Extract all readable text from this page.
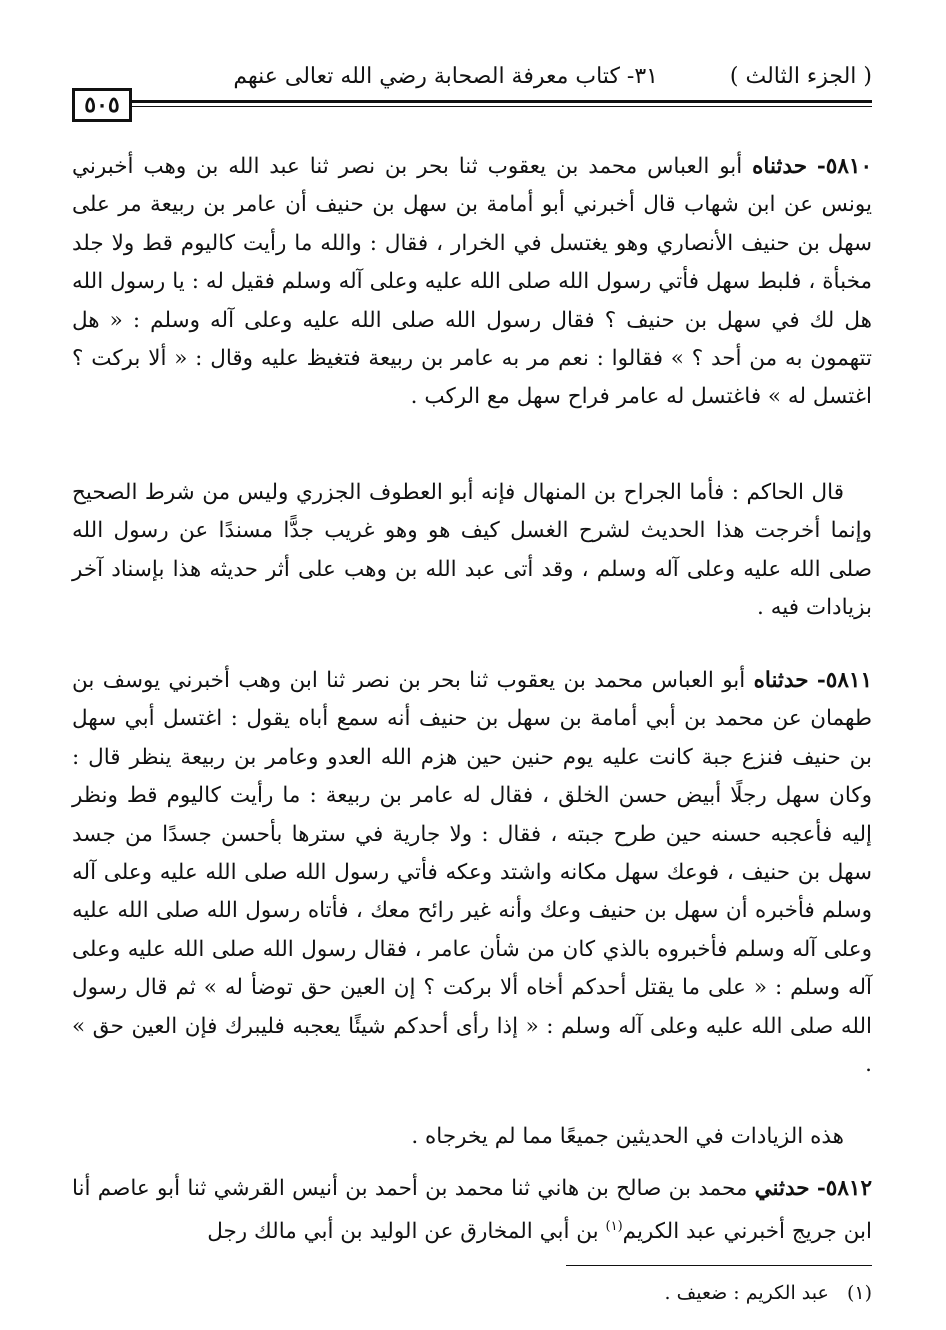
( الجزء الثالث )
٣١- كتاب معرفة الصحابة رضي الله تعالى عنهم
٥٠٥

٥٨١٠- حدثناه أبو العباس محمد بن يعقوب ثنا بحر بن نصر ثنا عبد الله بن وهب أخبرني يونس عن ابن شهاب قال أخبرني أبو أمامة بن سهل بن حنيف أن عامر بن ربيعة مر على سهل بن حنيف الأنصاري وهو يغتسل في الخرار ، فقال : والله ما رأيت كاليوم قط ولا جلد مخبأة ، فلبط سهل فأتي رسول الله صلى الله عليه وعلى آله وسلم فقيل له : يا رسول الله هل لك في سهل بن حنيف ؟ فقال رسول الله صلى الله عليه وعلى آله وسلم : « هل تتهمون به من أحد ؟ » فقالوا : نعم مر به عامر بن ربيعة فتغيظ عليه وقال : « ألا بركت ؟ اغتسل له » فاغتسل له عامر فراح سهل مع الركب .

قال الحاكم : فأما الجراح بن المنهال فإنه أبو العطوف الجزري وليس من شرط الصحيح وإنما أخرجت هذا الحديث لشرح الغسل كيف هو وهو غريب جدًّا مسندًا عن رسول الله صلى الله عليه وعلى آله وسلم ، وقد أتى عبد الله بن وهب على أثر حديثه هذا بإسناد آخر بزيادات فيه .

٥٨١١- حدثناه أبو العباس محمد بن يعقوب ثنا بحر بن نصر ثنا ابن وهب أخبرني يوسف بن طهمان عن محمد بن أبي أمامة بن سهل بن حنيف أنه سمع أباه يقول : اغتسل أبي سهل بن حنيف فنزع جبة كانت عليه يوم حنين حين هزم الله العدو وعامر بن ربيعة ينظر قال : وكان سهل رجلًا أبيض حسن الخلق ، فقال له عامر بن ربيعة : ما رأيت كاليوم قط ونظر إليه فأعجبه حسنه حين طرح جبته ، فقال : ولا جارية في سترها بأحسن جسدًا من جسد سهل بن حنيف ، فوعك سهل مكانه واشتد وعكه فأتي رسول الله صلى الله عليه وعلى آله وسلم فأخبره أن سهل بن حنيف وعك وأنه غير رائح معك ، فأتاه رسول الله صلى الله عليه وعلى آله وسلم فأخبروه بالذي كان من شأن عامر ، فقال رسول الله صلى الله عليه وعلى آله وسلم : « على ما يقتل أحدكم أخاه ألا بركت ؟ إن العين حق توضأ له » ثم قال رسول الله صلى الله عليه وعلى آله وسلم : « إذا رأى أحدكم شيئًا يعجبه فليبرك فإن العين حق » .

هذه الزيادات في الحديثين جميعًا مما لم يخرجاه .

٥٨١٢- حدثني محمد بن صالح بن هاني ثنا محمد بن أحمد بن أنيس القرشي ثنا أبو عاصم أنا ابن جريج أخبرني عبد الكريم$^{(١)}$ بن أبي المخارق عن الوليد بن أبي مالك رجل

(١)   عبد الكريم : ضعيف .
